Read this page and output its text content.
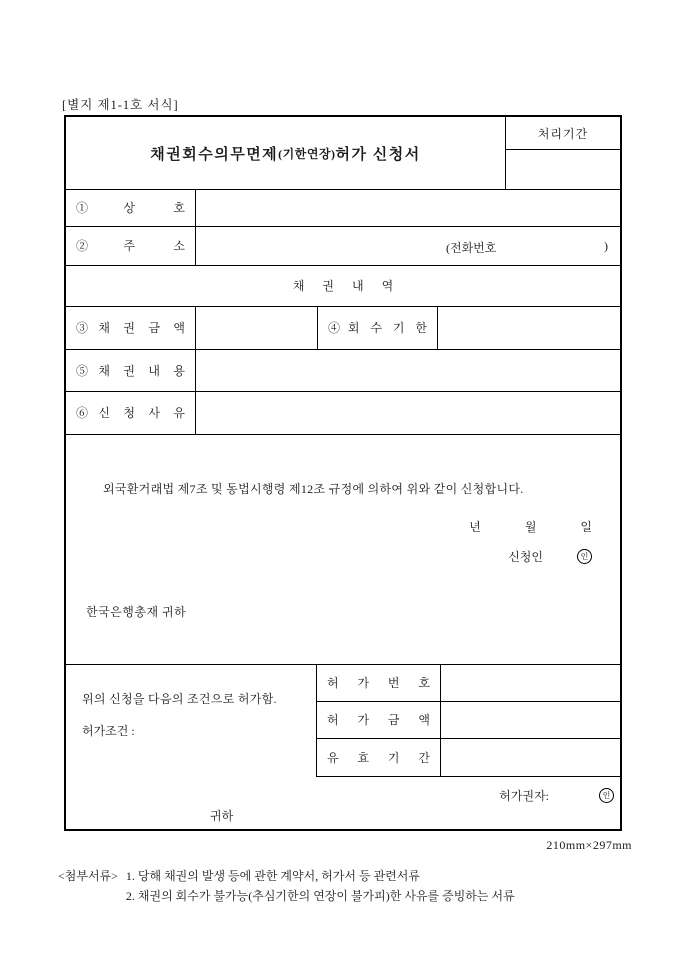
[별지 제1-1호 서식]
채권회수의무면제 (기한연장) 허가 신청서
처리기간
①상 호
②주 소	(전화번호	)
채      권      내      역
③채 권 금 액	④회 수 기 한
⑤채 권 내 용
⑥신 청 사 유
외국환거래법 제7조 및 동법시행령 제12조 규정에 의하여 위와 같이 신청합니다.
년	월	일
신청인	인
한국은행총재 귀하
위의 신청을 다음의 조건으로 허가함.
허가조건 :
허 가 번 호
허 가 금 액
유 효 기 간
허가권자:	인
귀하
210mm×297mm
<첨부서류> 1. 당해 채권의 발생 등에 관한 계약서, 허가서 등 관련서류
2. 채권의 회수가 불가능(추심기한의 연장이 불가피)한 사유를 증빙하는 서류
